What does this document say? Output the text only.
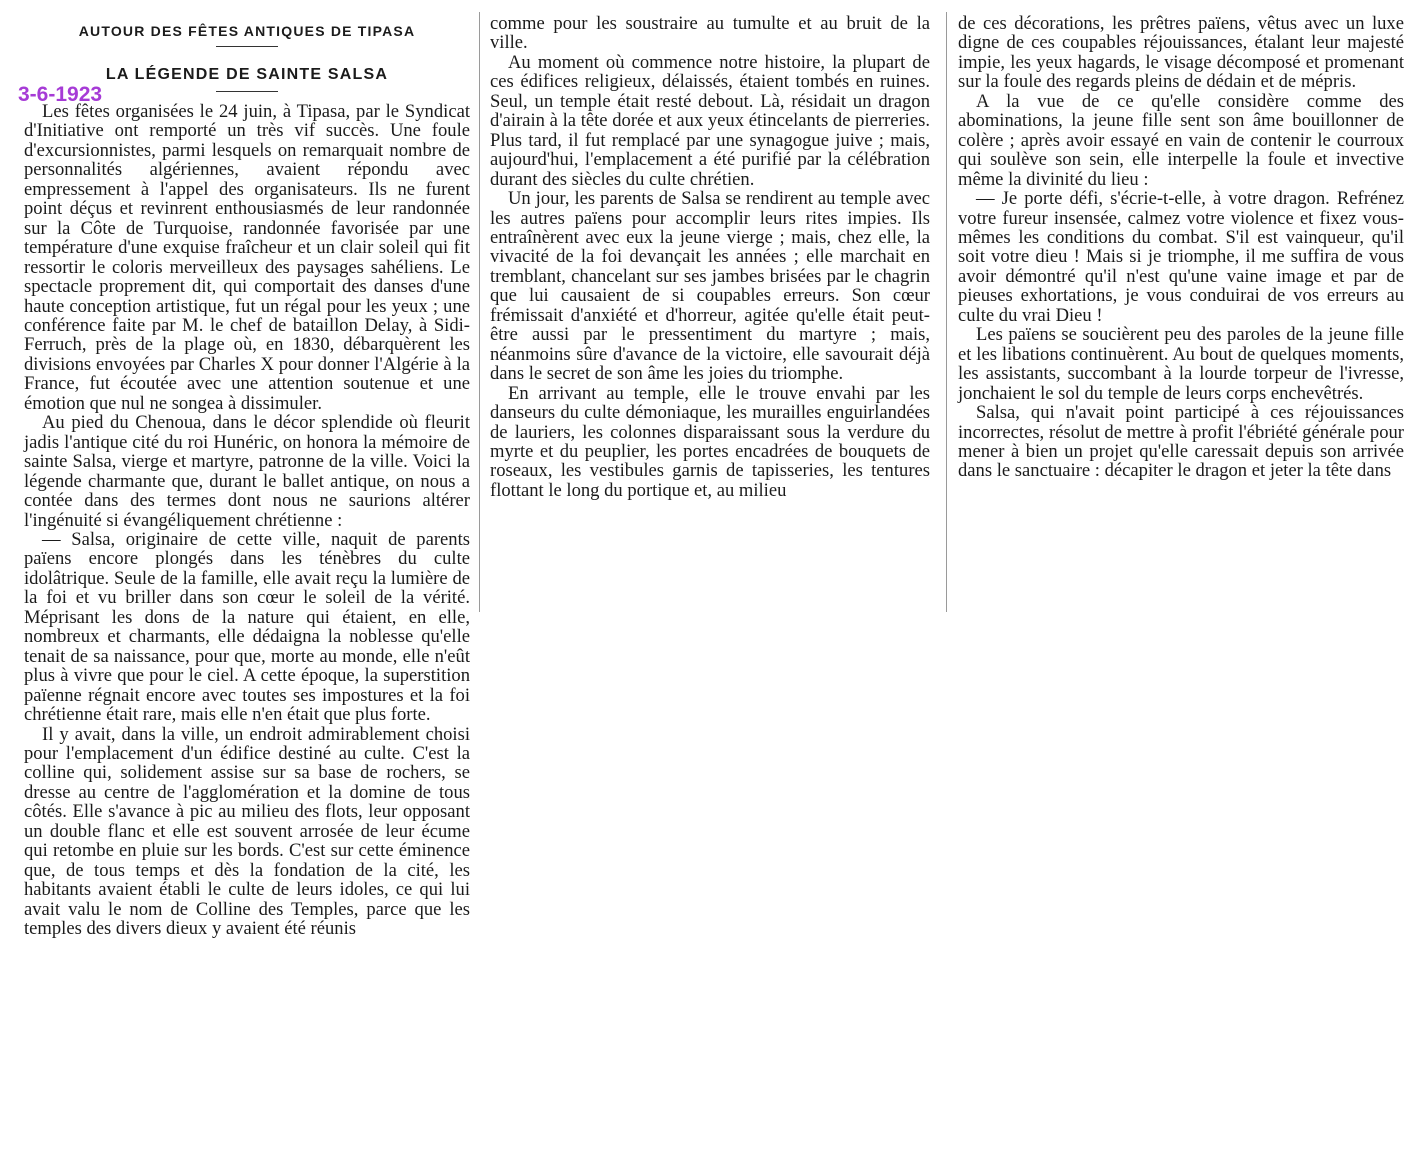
3-6-1923
AUTOUR DES FÊTES ANTIQUES DE TIPASA
LA LÉGENDE DE SAINTE SALSA

Les fêtes organisées le 24 juin, à Tipasa, par le Syndicat d'Initiative ont remporté un très vif succès. Une foule d'excursionnistes, parmi lesquels on remarquait nombre de personnalités algériennes, avaient répondu avec empressement à l'appel des organisateurs. Ils ne furent point déçus et revinrent enthousiasmés de leur randonnée sur la Côte de Turquoise, randonnée favorisée par une température d'une exquise fraîcheur et un clair soleil qui fit ressortir le coloris merveilleux des paysages sahéliens. Le spectacle proprement dit, qui comportait des danses d'une haute conception artistique, fut un régal pour les yeux ; une conférence faite par M. le chef de bataillon Delay, à Sidi-Ferruch, près de la plage où, en 1830, débarquèrent les divisions envoyées par Charles X pour donner l'Algérie à la France, fut écoutée avec une attention soutenue et une émotion que nul ne songea à dissimuler.

Au pied du Chenoua, dans le décor splendide où fleurit jadis l'antique cité du roi Hunéric, on honora la mémoire de sainte Salsa, vierge et martyre, patronne de la ville. Voici la légende charmante que, durant le ballet antique, on nous a contée dans des termes dont nous ne saurions altérer l'ingénuité si évangéliquement chrétienne :

— Salsa, originaire de cette ville, naquit de parents païens encore plongés dans les ténèbres du culte idolâtrique. Seule de la famille, elle avait reçu la lumière de la foi et vu briller dans son cœur le soleil de la vérité. Méprisant les dons de la nature qui étaient, en elle, nombreux et charmants, elle dédaigna la noblesse qu'elle tenait de sa naissance, pour que, morte au monde, elle n'eût plus à vivre que pour le ciel. A cette époque, la superstition païenne régnait encore avec toutes ses impostures et la foi chrétienne était rare, mais elle n'en était que plus forte.

Il y avait, dans la ville, un endroit admirablement choisi pour l'emplacement d'un édifice destiné au culte. C'est la colline qui, solidement assise sur sa base de rochers, se dresse au centre de l'agglomération et la domine de tous côtés. Elle s'avance à pic au milieu des flots, leur opposant un double flanc et elle est souvent arrosée de leur écume qui retombe en pluie sur les bords. C'est sur cette éminence que, de tous temps et dès la fondation de la cité, les habitants avaient établi le culte de leurs idoles, ce qui lui avait valu le nom de Colline des Temples, parce que les temples des divers dieux y avaient été réunis

comme pour les soustraire au tumulte et au bruit de la ville.

Au moment où commence notre histoire, la plupart de ces édifices religieux, délaissés, étaient tombés en ruines. Seul, un temple était resté debout. Là, résidait un dragon d'airain à la tête dorée et aux yeux étincelants de pierreries. Plus tard, il fut remplacé par une synagogue juive ; mais, aujourd'hui, l'emplacement a été purifié par la célébration durant des siècles du culte chrétien.

Un jour, les parents de Salsa se rendirent au temple avec les autres païens pour accomplir leurs rites impies. Ils entraînèrent avec eux la jeune vierge ; mais, chez elle, la vivacité de la foi devançait les années ; elle marchait en tremblant, chancelant sur ses jambes brisées par le chagrin que lui causaient de si coupables erreurs. Son cœur frémissait d'anxiété et d'horreur, agitée qu'elle était peut-être aussi par le pressentiment du martyre ; mais, néanmoins sûre d'avance de la victoire, elle savourait déjà dans le secret de son âme les joies du triomphe.

En arrivant au temple, elle le trouve envahi par les danseurs du culte démoniaque, les murailles enguirlandées de lauriers, les colonnes disparaissant sous la verdure du myrte et du peuplier, les portes encadrées de bouquets de roseaux, les vestibules garnis de tapisseries, les tentures flottant le long du portique et, au milieu

de ces décorations, les prêtres païens, vêtus avec un luxe digne de ces coupables réjouissances, étalant leur majesté impie, les yeux hagards, le visage décomposé et promenant sur la foule des regards pleins de dédain et de mépris.

A la vue de ce qu'elle considère comme des abominations, la jeune fille sent son âme bouillonner de colère ; après avoir essayé en vain de contenir le courroux qui soulève son sein, elle interpelle la foule et invective même la divinité du lieu :

— Je porte défi, s'écrie-t-elle, à votre dragon. Refrénez votre fureur insensée, calmez votre violence et fixez vous-mêmes les conditions du combat. S'il est vainqueur, qu'il soit votre dieu ! Mais si je triomphe, il me suffira de vous avoir démontré qu'il n'est qu'une vaine image et par de pieuses exhortations, je vous conduirai de vos erreurs au culte du vrai Dieu !

Les païens se soucièrent peu des paroles de la jeune fille et les libations continuèrent. Au bout de quelques moments, les assistants, succombant à la lourde torpeur de l'ivresse, jonchaient le sol du temple de leurs corps enchevêtrés.

Salsa, qui n'avait point participé à ces réjouissances incorrectes, résolut de mettre à profit l'ébriété générale pour mener à bien un projet qu'elle caressait depuis son arrivée dans le sanctuaire : décapiter le dragon et jeter la tête dans
